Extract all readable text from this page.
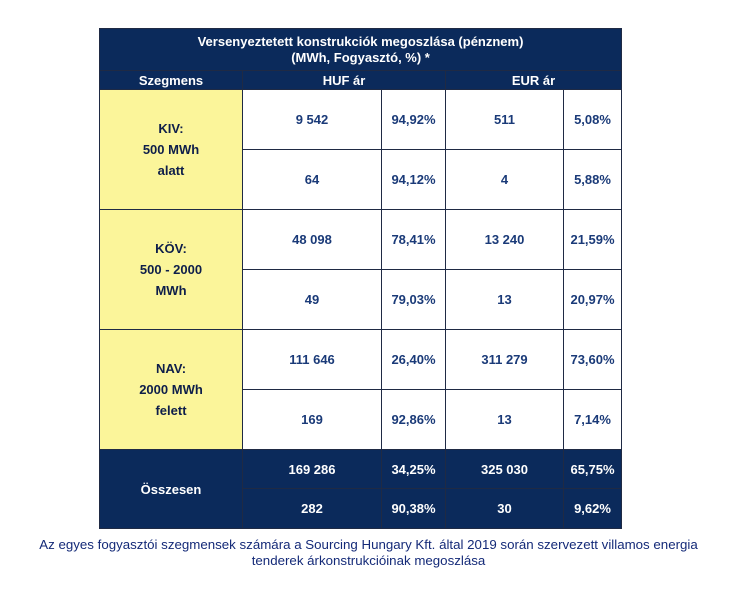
Versenyeztetett konstrukciók megoszlása (pénznem)
(MWh, Fogyasztó, %) *				
Szegmens	HUF ár		EUR ár	
KIV:
500 MWh
alatt	9 542	94,92%	511	5,08%
	64	94,12%	4	5,88%
KÖV:
500 - 2000
MWh	48 098	78,41%	13 240	21,59%
	49	79,03%	13	20,97%
NAV:
2000 MWh
felett	111 646	26,40%	311 279	73,60%
	169	92,86%	13	7,14%
Összesen	169 286	34,25%	325 030	65,75%
	282	90,38%	30	9,62%
Az egyes fogyasztói szegmensek számára a Sourcing Hungary Kft. által 2019 során szervezett villamos energia
tenderek árkonstrukcióinak megoszlása
